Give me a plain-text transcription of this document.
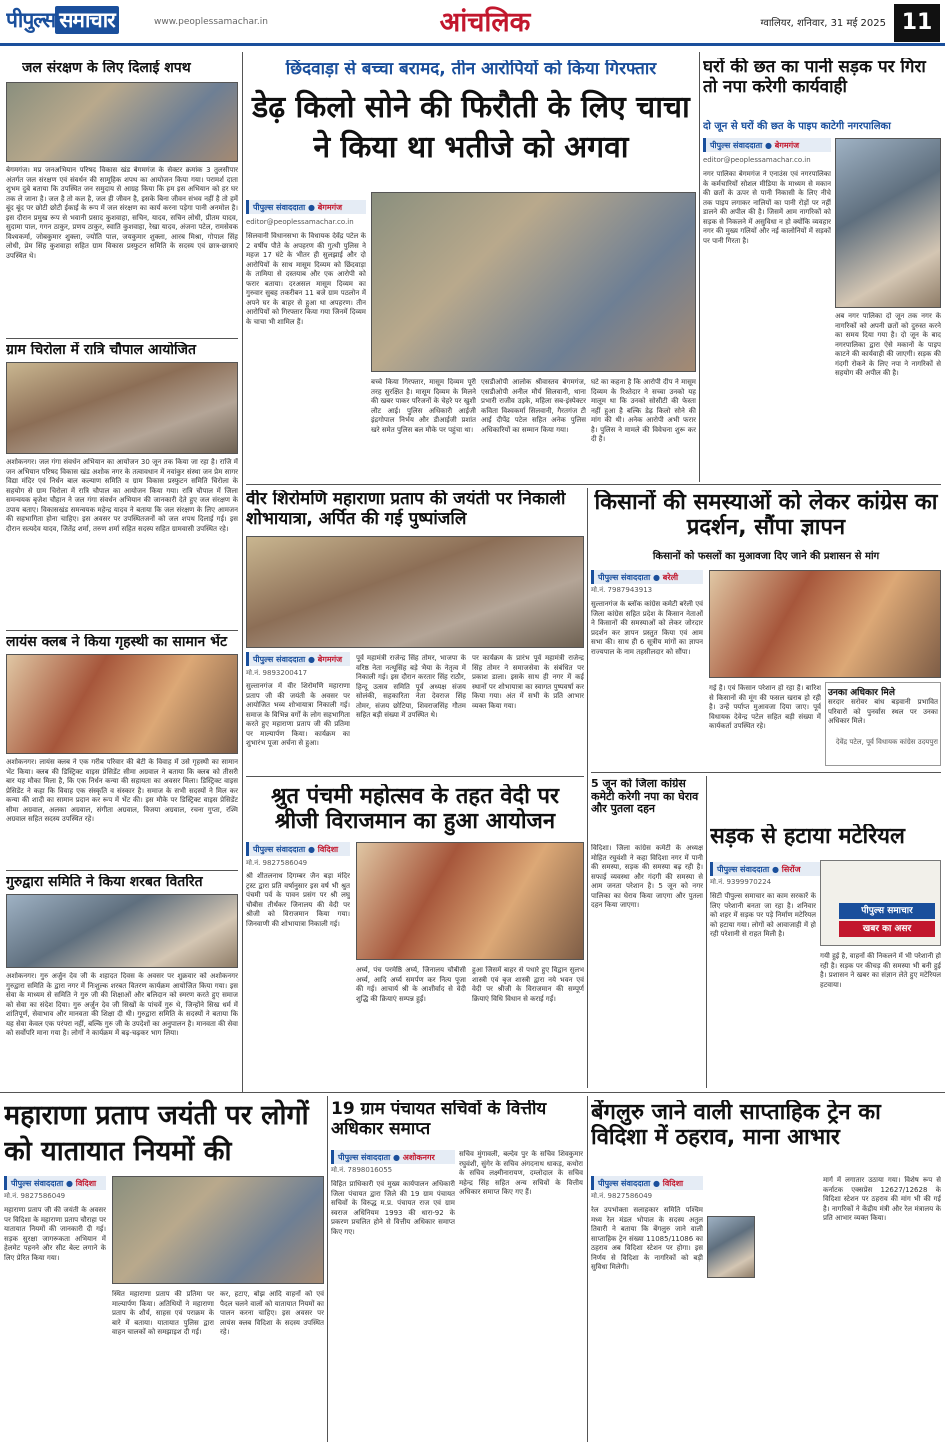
पीपुल्स समाचार	www.peoplessamachar.in	आंचलिक	ग्वालियर, शनिवार, 31 मई 2025 11
जल संरक्षण के लिए दिलाई शपथ
बेगमगंज। मप्र जनअभियान परिषद विकास खंड बेगमगंज के सेक्टर क्रमांक 3 तुलसीपार अंतर्गत जल संरक्षण एवं संवर्धन की सामूहिक शपथ का आयोजन किया गया। परामर्श दाता शुभम दुबे बताया कि उपस्थित जन समुदाय से आग्रह किया कि हम इस अभियान को हर घर तक ले जाना है। जल है तो कल है, जल ही जीवन है, इसके बिना जीवन संभव नहीं है तो हमें बूंद बूंद पर छोटी छोटी ईकाई के रूप में जल संरक्षण का कार्य करना पड़ेगा पानी अनमोल है। इस दौरान प्रमुख रूप से भवानी प्रसाद कुशवाहा, सचिन, यादव, सचिन लोधी, प्रीतम यादव, सुदामा पाल, गगन ठाकुर, प्रणय ठाकुर, स्वाति कुशवाहा, रेखा यादव, अंजना पटेल, रामसेवक विश्वकर्मा, जोबकुमार शुक्ला, ज्योति पाल, जयकुमार शुक्ला, आरब मिश्रा, गोपाल सिंह लोधी, प्रेम सिंह कुशवाहा सहित ग्राम विकास प्रस्फुटन समिति के सदस्य एवं छात्र-छात्राएं उपस्थित थे।
ग्राम चिरोला में रात्रि चौपाल आयोजित
अशोकनगर। जल गंगा संवर्धन अभियान का आयोजन 30 जून तक किया जा रहा है। राजि में जन अभियान परिषद विकास खंड अशोक नगर के तत्वावधान में नवांकुर संस्था जन प्रेम सागर विद्या मंदिर एवं निर्धन बाल कल्याण समिति व ग्राम विकास प्रस्फुटन समिति चिरोला के सहयोग से ग्राम चिरोला में रात्रि चौपाल का आयोजन किया गया। रात्रि चौपाल में जिला समन्वयक बृजेश चौहान ने जल गंगा संवर्धन अभियान की जानकारी देते हुए जल संरक्षण के उपाय बताए। विकासखंड समन्वयक महेन्द्र यादव ने बताया कि जल संरक्षण के लिए आमजन की सहभागिता होना चाहिए। इस अवसर पर उपस्थितजनों को जल शपथ दिलाई गई। इस दौरान सत्यदेव यादव, जितेंद्र शर्मा, तरुण शर्मा सहित सदस्य सहित ग्रामवासी उपस्थित रहे।
लायंस क्लब ने किया गृहस्थी का सामान भेंट
अशोकनगर। लायंस क्लब ने एक गरीब परिवार की बेटी के विवाह में उसे गृहस्थी का सामान भेंट किया। क्लब की डिस्ट्रिक्ट वाइस प्रेसिडेंट सीमा अग्रवाल ने बताया कि क्लब को तीसरी बार यह मौका मिला है, कि एक निर्धन कन्या की सहायता का अवसर मिला। डिस्ट्रिक्ट वाइस प्रेसिडेंट ने कहा कि विवाह एक संस्कृति व संस्कार है। समाज के सभी सदस्यों ने मिल कर कन्या की शादी का सामान प्रदान कर रूप में भेंट की। इस मौके पर डिस्ट्रिक्ट वाइस प्रेसिडेंट सीमा अग्रवाल, अलका अग्रवाल, संगीता अग्रवाल, विजया अग्रवाल, रचना गुप्ता, रश्मि अग्रवाल सहित सदस्य उपस्थित रहे।
गुरुद्वारा समिति ने किया शरबत वितरित
अशोकनगर। गुरु अर्जुन देव जी के शहादत दिवस के अवसर पर शुक्रवार को अशोकनगर गुरुद्वारा समिति के द्वारा नगर में निःशुल्क शरबत वितरण कार्यक्रम आयोजित किया गया। इस सेवा के माध्यम से समिति ने गुरु जी की शिक्षाओं और बलिदान को स्मरण करते हुए समाज को सेवा का संदेश दिया। गुरु अर्जुन देव जी सिखों के पांचवें गुरु थे, जिन्होंने सिख धर्म में शांतिपूर्ण, सेवाभाव और मानवता की शिक्षा दी थी। गुरुद्वारा समिति के सदस्यों ने बताया कि यह सेवा केवल एक परंपरा नहीं, बल्कि गुरु जी के उपदेशों का अनुपालन है। मानवता की सेवा को सर्वोपरि माना गया है। लोगों ने कार्यक्रम में बढ़-चढ़कर भाग लिया।
छिंदवाड़ा से बच्चा बरामद, तीन आरोपियों को किया गिरफ्तार
डेढ़ किलो सोने की फिरौती के लिए चाचा ने किया था भतीजे को अगवा
पीपुल्स संवाददाता ● बेगमगंज
editor@peoplessamachar.co.in
सिलवानी विधानसभा के विधायक देवेंद्र पटेल के 2 वर्षीय पौते के अपहरण की गुत्थी पुलिस ने महज 17 घंटे के भीतर ही सुलझाई और दो आरोपियों के साथ मासूम दिव्यम को छिंदवाड़ा के तामिया से दस्तयाब और एक आरोपी को फरार बताया। दरअसल मासूम दिव्यम का गुरुवार सुबह तकरीबन 11 बजे ग्राम पठलोन में अपने घर के बाहर से हुआ था अपहरण। तीन आरोपियों को गिरफ्तार किया गया जिनमें दिव्यम के चाचा भी शामिल हैं।
बच्चे किया गिरफ्तार, मासूम दिव्यम पूरी तरह सुरक्षित है। मासूम दिव्यम के मिलने की खबर पाकर परिजनों के चेहरे पर खुशी लौट आई। पुलिस अधिकारी आईजी इंद्रगोपाल निर्भय और डीआईजी प्रशांत खरे समेत पुलिस बल मौके पर पहुंचा था।
एसडीओपी आलोक श्रीवास्तव बेगमगंज, एसडीओपी अनील मौर्य सिलवानी, थाना प्रभारी राजीव उइके, महिला सब-इंस्पेक्टर कविता विश्वकर्मा सिलवानी, गैरतगंज टी आई दीपेंद्र पटेल सहित अनेक पुलिस अधिकारियों का सम्मान किया गया।
घटे का कहना है कि आरोपी दीप ने मासूम दिव्यम के रिश्तेदार ने सच्चा उनको यह मालूम था कि उनको सोसीटी की फेस्ता नहीं हुआ है बल्कि डेढ़ किलो सोने की मांग की थी। अनेक आरोपी अभी फरार है। पुलिस ने मामले की विवेचना शुरू कर दी है।
घरों की छत का पानी सड़क पर गिरा तो नपा करेगी कार्यवाही
दो जून से घरों की छत के पाइप काटेगी नगरपालिका
पीपुल्स संवाददाता ● बेगमगंज
editor@peoplessamachar.co.in
नगर पालिका बेगमगंज ने एनाउंस एवं नगरपालिका के कर्मचारियों सोशल मीडिया के माध्यम से मकान की छतों के ऊपर से पानी निकासी के लिए नीचे तक पाइप लगाकर नालियों का पानी रोड़ों पर नहीं डालने की अपील की है। जिसमें आम नागरिकों को सड़क से निकलने में असुविधा न हो क्योंकि व्यवहार नगर की मुख्य गलियों और नई कालोनियों में सड़कों पर पानी गिरता है।
अब नगर पालिका दो जून तक नगर के नागरिकों को अपनी छतों को दुरुस्त करने का समय दिया गया है। दो जून के बाद नगरपालिका द्वारा ऐसे मकानों के पाइप काटने की कार्यवाही की जाएगी। सड़क की गंदगी रोकने के लिए नपा ने नागरिकों से सहयोग की अपील की है।
वीर शिरोमणि महाराणा प्रताप की जयंती पर निकाली शोभायात्रा, अर्पित की गई पुष्पांजलि
पीपुल्स संवाददाता ● बेगमगंज
मो.नं. 9893200417
सुल्तानगंज में वीर शिरोमणि महाराणा प्रताप जी की जयंती के अवसर पर आयोजित भव्य शोभायात्रा निकाली गई। समाज के विभिन्न वर्गों के लोग सहभागिता करते हुए महाराणा प्रताप जी की प्रतिमा पर माल्यार्पण किया। कार्यक्रम का शुभारंभ पूजा अर्चना से हुआ।
पूर्व महामंत्री राजेन्द्र सिंह तोमर, भाजपा के वरिष्ठ नेता नत्थूसिंह बड़े भैया के नेतृत्व में निकाली गई। इस दौरान करतार सिंह राठौर, हिन्दू उत्सव समिति पूर्व अध्यक्ष संजय सोलंकी, सहकारिता नेता देवराज सिंह तोमर, संजय छोटिया, शिवराजसिंह गौतम सहित बड़ी संख्या में उपस्थित थे।
पर कार्यक्रम के प्रारंभ पूर्व महामंत्री राजेन्द्र सिंह तोमर ने समाजसेवा के संबंधित पर प्रकाश डाला। इसके साथ ही नगर में कई स्थानों पर शोभायात्रा का स्वागत पुष्पवर्षा कर किया गया। अंत में सभी के प्रति आभार व्यक्त किया गया।
किसानों की समस्याओं को लेकर कांग्रेस का प्रदर्शन, सौंपा ज्ञापन
किसानों को फसलों का मुआवजा दिए जाने की प्रशासन से मांग
पीपुल्स संवाददाता ● बरेली
मो.नं. 7987943913
सुल्तानगंज के ब्लॉक कांग्रेस कमेटी बरेली एवं जिला कांग्रेस सहित प्रदेश के किसान नेताओं ने किसानों की समस्याओं को लेकर जोरदार प्रदर्शन कर ज्ञापन प्रस्तुत किया एवं आम सभा की। साथ ही 6 सूत्रीय मांगों का ज्ञापन राज्यपाल के नाम तहसीलदार को सौंपा।
गई है। एवं किसान परेशान हो रहा है। बारिश से किसानों की मूंग की फसल खराब हो रही है। उन्हें पर्याप्त मुआवजा दिया जाए। पूर्व विधायक देवेन्द्र पटेल सहित बड़ी संख्या में कार्यकर्ता उपस्थित रहे।
उनका अधिकार मिले
सरदार सरोवर बांध बड़वानी प्रभावित परिवारों को पुनर्वास स्थल पर उनका अधिकार मिले।
देवेंद्र पटेल, पूर्व विधायक कांग्रेस उदयपुरा
श्रुत पंचमी महोत्सव के तहत वेदी पर श्रीजी विराजमान का हुआ आयोजन
पीपुल्स संवाददाता ● विदिशा
मो.नं. 9827586049
श्री शीतलनाथ दिगम्बर जैन बड़ा मंदिर ट्रस्ट द्वारा प्रति वर्षानुसार इस वर्ष भी श्रुत पंचमी पर्व के पावन प्रसंग पर श्री लघु चौबीस तीर्थंकर जिनालय की वेदी पर श्रीजी को विराजमान किया गया। जिनवाणी की शोभायात्रा निकाली गई।
अर्घ्य, पंच परमेष्ठि अर्घ्य, जिनालय चौबीसी अर्घ्य, आदि अर्घ्य समर्पण कर नित्य पूजा की गई। आचार्य श्री के आशीर्वाद से वेदी शुद्धि की क्रियाएं सम्पन्न हुईं।
हुआ जिसमें बाहर से पधारे हुए विद्वान सुलभ शास्त्री एवं बृज शास्त्री द्वारा नये भवन एवं वेदी पर श्रीजी के विराजमान की सम्पूर्ण क्रियाएं विधि विधान से कराई गईं।
5 जून को जिला कांग्रेस कमेटी करेगी नपा का घेराव और पुतला दहन
विदिशा। जिला कांग्रेस कमेटी के अध्यक्ष मोहित रघुवंशी ने कहा विदिशा नगर में पानी की समस्या, सड़क की समस्या बढ़ रही है। सफाई व्यवस्था और गंदगी की समस्या से आम जनता परेशान है। 5 जून को नगर पालिका का घेराव किया जाएगा और पुतला दहन किया जाएगा।
सड़क से हटाया मटेरियल
पीपुल्स संवाददाता ● सिरोंज
मो.नं. 9399970224
सिटी पीपुल्स समाचार का काम सरकारें के लिए परेशानी बनता जा रहा है। शनिवार को शहर में सड़क पर पड़े निर्माण मटेरियल को हटाया गया। लोगों को आवाजाही में हो रही परेशानी से राहत मिली है।
पीपुल्स समाचार
खबर का असर
गयी हुई है, वाहनों की निकलने में भी परेशानी हो रही है। सड़क पर कीचड़ की समस्या भी बनी हुई है। प्रशासन ने खबर का संज्ञान लेते हुए मटेरियल हटवाया।
महाराणा प्रताप जयंती पर लोगों को यातायात नियमों की
पीपुल्स संवाददाता ● विदिशा
मो.नं. 9827586049
महाराणा प्रताप जी की जयंती के अवसर पर विदिशा के महाराणा प्रताप चौराहा पर यातायात नियमों की जानकारी दी गई। सड़क सुरक्षा जागरूकता अभियान में हेलमेट पहनने और सीट बेल्ट लगाने के लिए प्रेरित किया गया।
स्थित महाराणा प्रताप की प्रतिमा पर माल्यार्पण किया। अतिथियों ने महाराणा प्रताप के शौर्य, साहस एवं पराक्रम के बारे में बताया। यातायात पुलिस द्वारा वाहन चालकों को समझाइश दी गई।
कर, हटाए, बोझ आदि वाहनों को एवं पैदल चलने वालों को यातायात नियमों का पालन करना चाहिए। इस अवसर पर लायंस क्लब विदिशा के सदस्य उपस्थित रहे।
19 ग्राम पंचायत सचिवों के वित्तीय अधिकार समाप्त
पीपुल्स संवाददाता ● अशोकनगर
मो.नं. 7898016055
विहित प्राधिकारी एवं मुख्य कार्यपालन अधिकारी जिला पंचायत द्वारा जिले की 19 ग्राम पंचायत सचिवों के विरुद्ध म.प्र. पंचायत राज एवं ग्राम स्वराज अधिनियम 1993 की धारा-92 के प्रकरण प्रचलित होने से वित्तीय अधिकार समाप्त किए गए।
सचिव मुंगावली, बल्देव पुर के सचिव शिवकुमार रघुवंशी, सुंगेर के सचिव अंगदनाथ धाकड़, कथोरा के सचिव लक्ष्मीनारायण, दम्लोदाल के सचिव महेन्द्र सिंह सहित अन्य सचिवों के वित्तीय अधिकार समाप्त किए गए हैं।
बेंगलुरु जाने वाली साप्ताहिक ट्रेन का विदिशा में ठहराव, माना आभार
पीपुल्स संवाददाता ● विदिशा
मो.नं. 9827586049
रेल उपभोक्ता सलाहकार समिति पश्चिम मध्य रेल मंडल भोपाल के सदस्य अतुल तिवारी ने बताया कि बेंगलुरु जाने वाली साप्ताहिक ट्रेन संख्या 11085/11086 का ठहराव अब विदिशा स्टेशन पर होगा। इस निर्णय से विदिशा के नागरिकों को बड़ी सुविधा मिलेगी।
मार्ग में लगातार उठाया गया। विशेष रूप से कर्नाटक एक्सप्रेस 12627/12628 के विदिशा स्टेशन पर ठहराव की मांग भी की गई है। नागरिकों ने केंद्रीय मंत्री और रेल मंत्रालय के प्रति आभार व्यक्त किया।
